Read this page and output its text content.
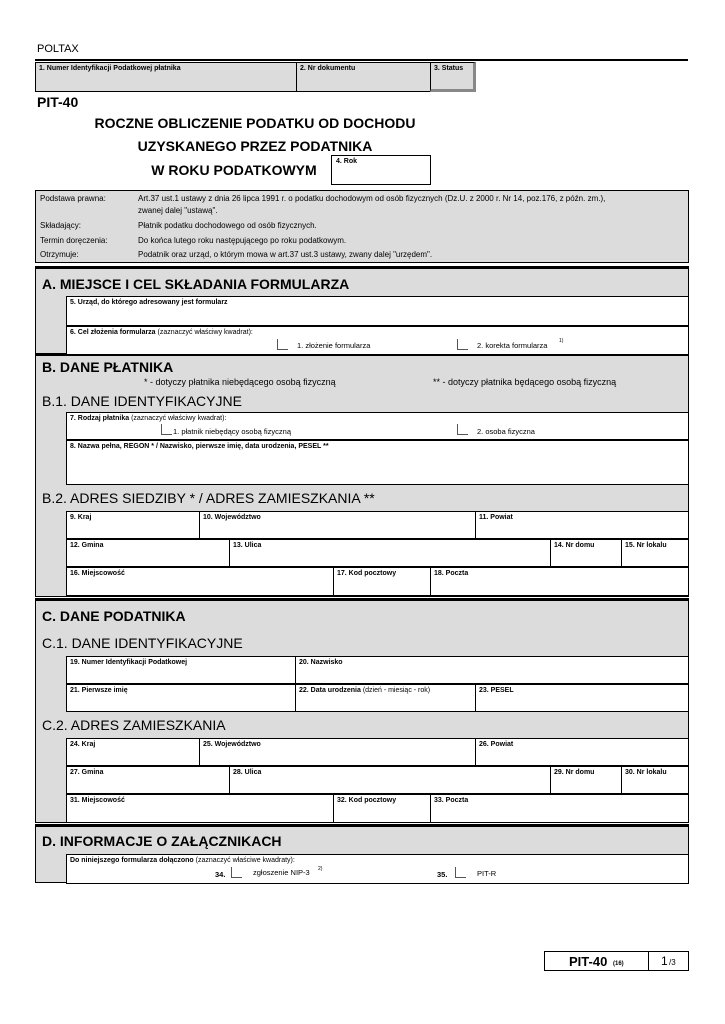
POLTAX
1. Numer Identyfikacji Podatkowej płatnika	2. Nr dokumentu	3. Status
PIT-40
ROCZNE OBLICZENIE PODATKU OD DOCHODU
UZYSKANEGO PRZEZ PODATNIKA
W ROKU PODATKOWYM
4. Rok
Podstawa prawna:	Art.37 ust.1 ustawy z dnia 26 lipca 1991 r. o podatku dochodowym od osób fizycznych (Dz.U. z 2000 r. Nr 14, poz.176, z późn. zm.),
zwanej dalej "ustawą".
Składający:	Płatnik podatku dochodowego od osób fizycznych.
Termin doręczenia:	Do końca lutego roku następującego po roku podatkowym.
Otrzymuje:	Podatnik oraz urząd, o którym mowa w art.37 ust.3 ustawy, zwany dalej "urzędem".
A. MIEJSCE I CEL SKŁADANIA FORMULARZA
5. Urząd, do którego adresowany jest formularz
6. Cel złożenia formularza (zaznaczyć właściwy kwadrat):
1. złożenie formularza	2. korekta formularza 1)
B. DANE PŁATNIKA
* - dotyczy płatnika niebędącego osobą fizyczną	** - dotyczy płatnika będącego osobą fizyczną
B.1. DANE IDENTYFIKACYJNE
7. Rodzaj płatnika (zaznaczyć właściwy kwadrat):
1. płatnik niebędący osobą fizyczną	2. osoba fizyczna
8. Nazwa pełna, REGON * / Nazwisko, pierwsze imię, data urodzenia, PESEL **
B.2. ADRES SIEDZIBY * / ADRES ZAMIESZKANIA **
9. Kraj	10. Województwo	11. Powiat
12. Gmina	13. Ulica	14. Nr domu	15. Nr lokalu
16. Miejscowość	17. Kod pocztowy	18. Poczta
C. DANE PODATNIKA
C.1. DANE IDENTYFIKACYJNE
19. Numer Identyfikacji Podatkowej	20. Nazwisko
21. Pierwsze imię	22. Data urodzenia (dzień - miesiąc - rok)	23. PESEL
C.2. ADRES ZAMIESZKANIA
24. Kraj	25. Województwo	26. Powiat
27. Gmina	28. Ulica	29. Nr domu	30. Nr lokalu
31. Miejscowość	32. Kod pocztowy	33. Poczta
D. INFORMACJE O ZAŁĄCZNIKACH
Do niniejszego formularza dołączono (zaznaczyć właściwe kwadraty):
34.	zgłoszenie NIP-3 2)
35.	PIT-R
PIT-40 (16)	1 /3
